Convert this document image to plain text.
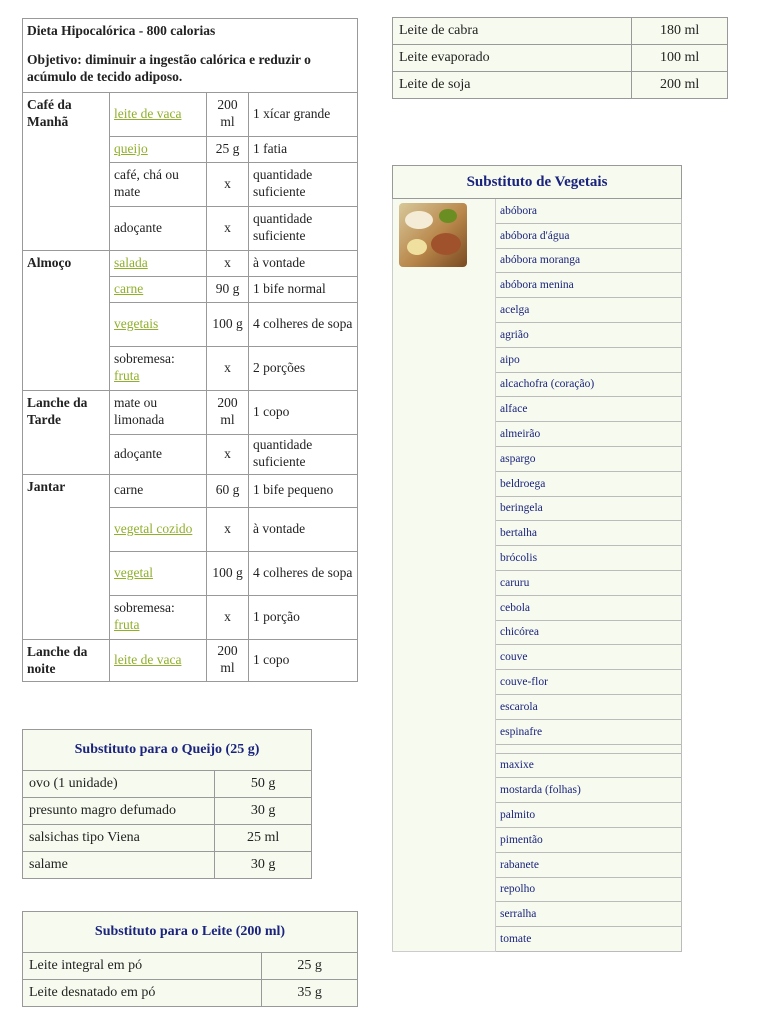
Dieta Hipocalórica - 800 calorias
Objetivo: diminuir a ingestão calórica e reduzir o acúmulo de tecido adiposo.			

Café da Manhã	leite de vaca	200 ml	1 xícar grande
	queijo	25 g	1 fatia
	café, chá ou mate	x	quantidade suficiente
	adoçante	x	quantidade suficiente
Almoço	salada	x	à vontade
	carne	90 g	1 bife normal
	vegetais	100 g	4 colheres de sopa
	sobremesa: fruta	x	2 porções
Lanche da Tarde	mate ou limonada	200 ml	1 copo
	adoçante	x	quantidade suficiente
Jantar	carne	60 g	1 bife pequeno
	vegetal cozido	x	à vontade
	vegetal	100 g	4 colheres de sopa
	sobremesa: fruta	x	1 porção
Lanche da noite	leite de vaca	200 ml	1 copo
Leite de cabra	180 ml
Leite evaporado	100 ml
Leite de soja	200 ml
Substituto de Vegetais

	abóbora
abóbora d'água
abóbora moranga
abóbora menina
acelga
agrião
aipo
alcachofra (coração)
alface
almeirão
aspargo
beldroega
beringela
bertalha
brócolis
caruru
cebola
chicórea
couve
couve-flor
escarola
espinafre

maxixe
mostarda (folhas)
palmito
pimentão
rabanete
repolho
serralha
tomate
Substituto para o Queijo (25 g)	
ovo (1 unidade)	50 g
presunto magro defumado	30 g
salsichas tipo Viena	25 ml
salame	30 g
Substituto para o Leite (200 ml)	
Leite integral em pó	25 g
Leite desnatado em pó	35 g
